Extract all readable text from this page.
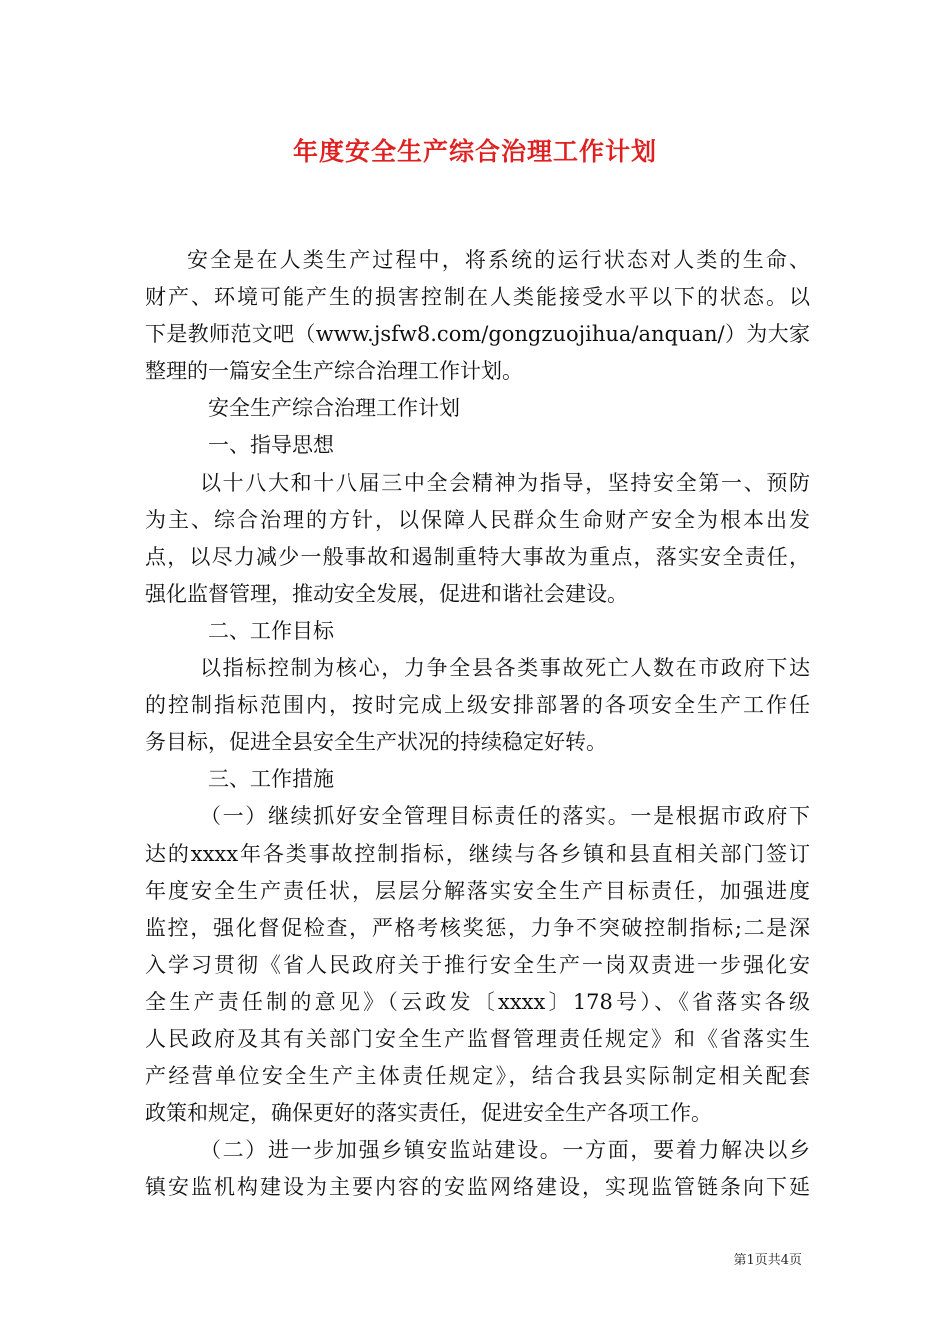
年度安全生产综合治理工作计划
安全是在人类生产过程中，将系统的运行状态对人类的生命、
财产、环境可能产生的损害控制在人类能接受水平以下的状态。以
下是教师范文吧（www.jsfw8.com/gongzuojihua/anquan/）为大家
整理的一篇安全生产综合治理工作计划。
安全生产综合治理工作计划
一、指导思想
以十八大和十八届三中全会精神为指导，坚持安全第一、预防
为主、综合治理的方针，以保障人民群众生命财产安全为根本出发
点，以尽力减少一般事故和遏制重特大事故为重点，落实安全责任，
强化监督管理，推动安全发展，促进和谐社会建设。
二、工作目标
以指标控制为核心，力争全县各类事故死亡人数在市政府下达
的控制指标范围内，按时完成上级安排部署的各项安全生产工作任
务目标，促进全县安全生产状况的持续稳定好转。
三、工作措施
（一）继续抓好安全管理目标责任的落实。一是根据市政府下
达的xxxx年各类事故控制指标，继续与各乡镇和县直相关部门签订
年度安全生产责任状，层层分解落实安全生产目标责任，加强进度
监控，强化督促检查，严格考核奖惩，力争不突破控制指标;二是深
入学习贯彻《省人民政府关于推行安全生产一岗双责进一步强化安
全生产责任制的意见》（云政发〔xxxx〕178号）、《省落实各级
人民政府及其有关部门安全生产监督管理责任规定》和《省落实生
产经营单位安全生产主体责任规定》，结合我县实际制定相关配套
政策和规定，确保更好的落实责任，促进安全生产各项工作。
（二）进一步加强乡镇安监站建设。一方面，要着力解决以乡
镇安监机构建设为主要内容的安监网络建设，实现监管链条向下延
第1页共4页
